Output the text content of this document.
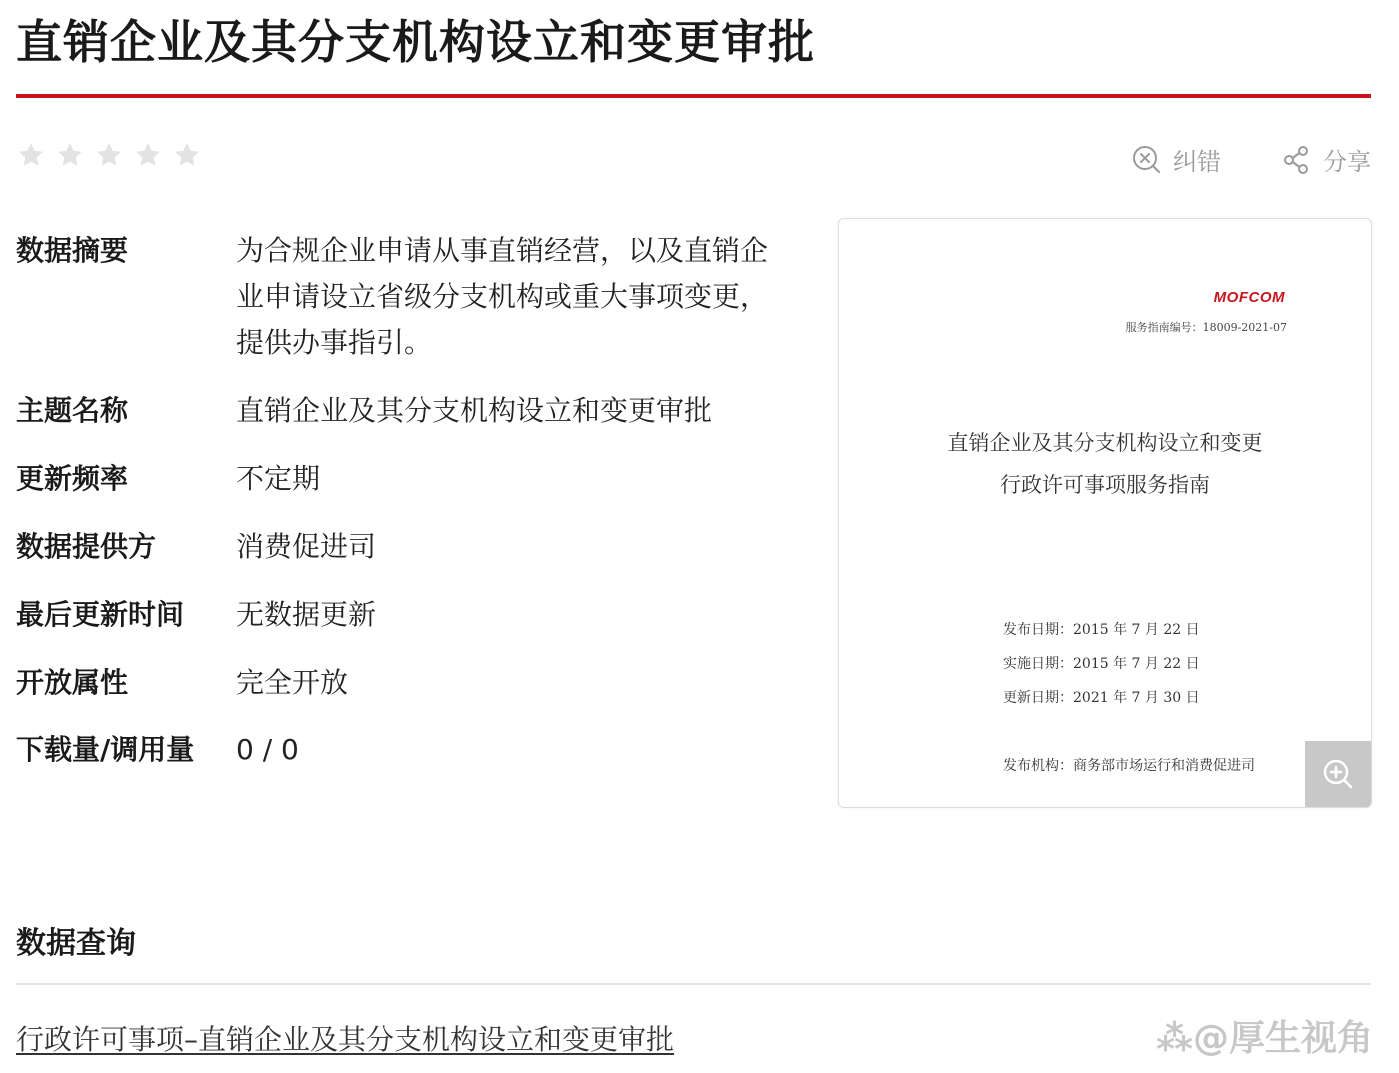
直销企业及其分支机构设立和变更审批
纠错	分享
数据摘要	为合规企业申请从事直销经营，以及直销企业申请设立省级分支机构或重大事项变更，提供办事指引。
主题名称	直销企业及其分支机构设立和变更审批
更新频率	不定期
数据提供方	消费促进司
最后更新时间	无数据更新
开放属性	完全开放
下载量/调用量	0 / 0
MOFCOM
服务指南编号：18009-2021-07
直销企业及其分支机构设立和变更
行政许可事项服务指南
发布日期：2015 年 7 月 22 日
实施日期：2015 年 7 月 22 日
更新日期：2021 年 7 月 30 日
发布机构：商务部市场运行和消费促进司
数据查询
行政许可事项–直销企业及其分支机构设立和变更审批	⁂@厚生视角
